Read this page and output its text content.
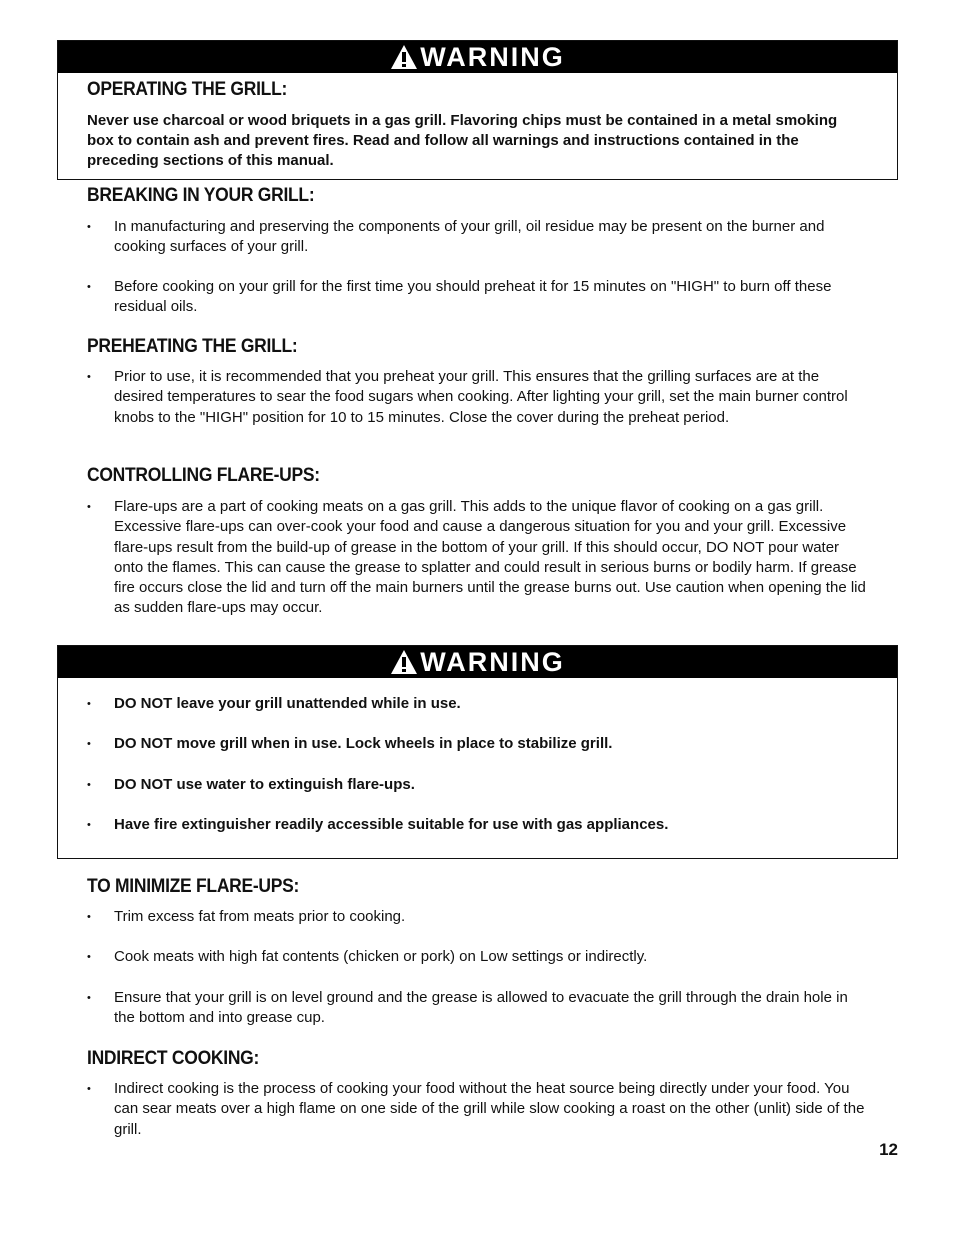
WARNING
OPERATING THE GRILL:

Never use charcoal or wood briquets in a gas grill. Flavoring chips must be contained in a metal smoking box to contain ash and prevent fires. Read and follow all warnings and instructions contained in the preceding sections of this manual.

BREAKING IN YOUR GRILL:
•	In manufacturing and preserving the components of your grill, oil residue may be present on the burner and cooking surfaces of your grill.
•	Before cooking on your grill for the first time you should preheat it for 15 minutes on "HIGH" to burn off these residual oils.
PREHEATING THE GRILL:
•	Prior to use, it is recommended that you preheat your grill. This ensures that the grilling surfaces are at the desired temperatures to sear the food sugars when cooking. After lighting your grill, set the main burner control knobs to the "HIGH" position for 10 to 15 minutes. Close the cover during the preheat period.
CONTROLLING FLARE-UPS:
•	Flare-ups are a part of cooking meats on a gas grill. This adds to the unique flavor of cooking on a gas grill. Excessive flare-ups can over-cook your food and cause a dangerous situation for you and your grill. Excessive flare-ups result from the build-up of grease in the bottom of your grill. If this should occur, DO NOT pour water onto the flames. This can cause the grease to splatter and could result in serious burns or bodily harm. If grease fire occurs close the lid and turn off the main burners until the grease burns out. Use caution when opening the lid as sudden flare-ups may occur.
WARNING
•	DO NOT leave your grill unattended while in use.
•	DO NOT move grill when in use. Lock wheels in place to stabilize grill.
•	DO NOT use water to extinguish flare-ups.
•	Have fire extinguisher readily accessible suitable for use with gas appliances.
TO MINIMIZE FLARE-UPS:
•	Trim excess fat from meats prior to cooking.
•	Cook meats with high fat contents (chicken or pork) on Low settings or indirectly.
•	Ensure that your grill is on level ground and the grease is allowed to evacuate the grill through the drain hole in the bottom and into grease cup.
INDIRECT COOKING:
•	Indirect cooking is the process of cooking your food without the heat source being directly under your food. You can sear meats over a high flame on one side of the grill while slow cooking a roast on the other (unlit) side of the grill.
12
